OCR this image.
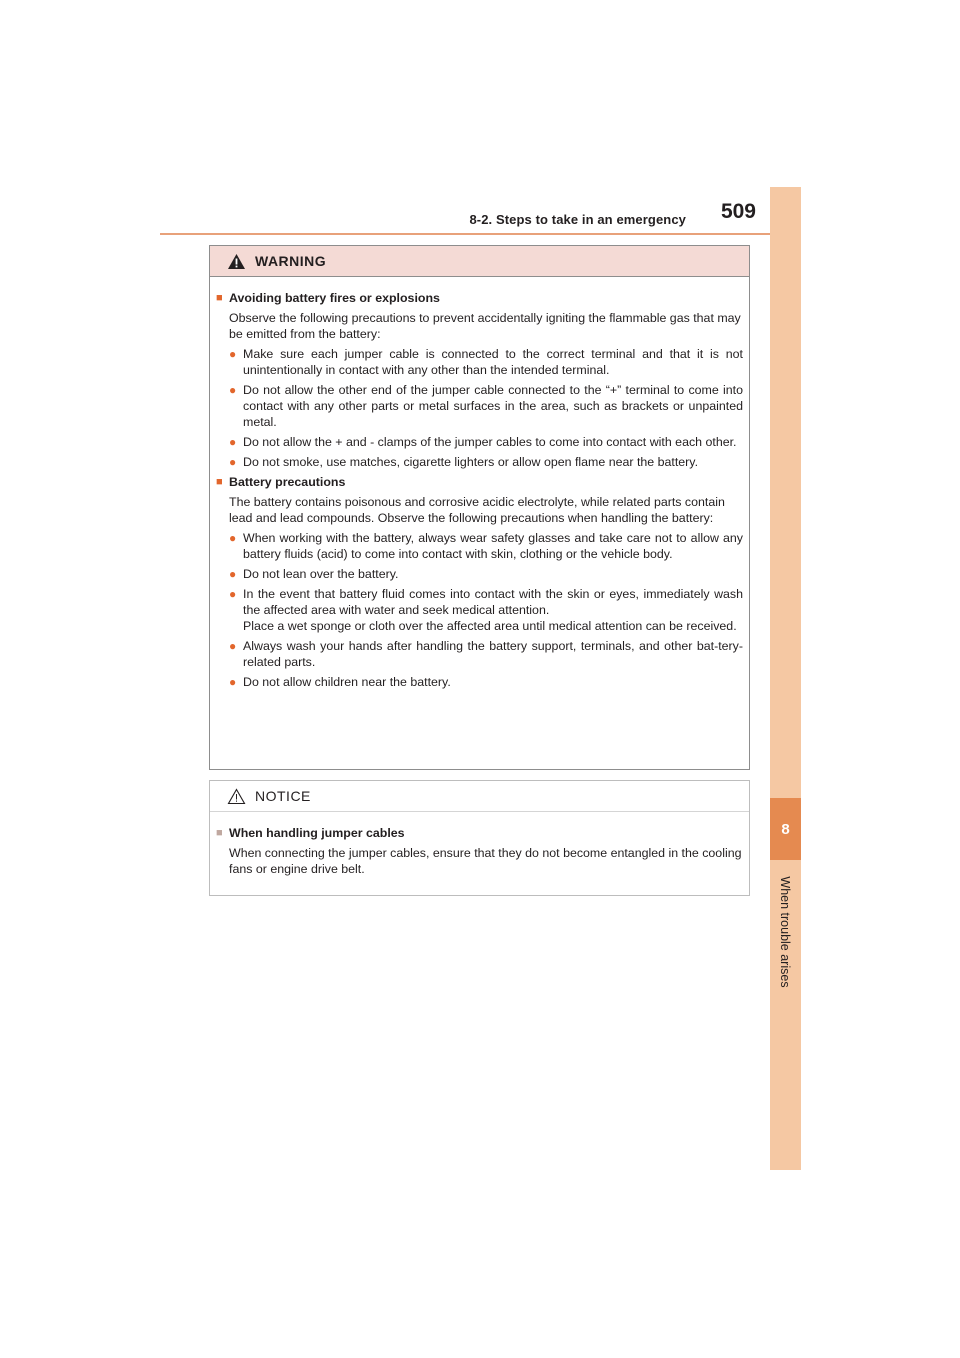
8-2. Steps to take in an emergency 509
8
When trouble arises
WARNING
■ Avoiding battery fires or explosions
Observe the following precautions to prevent accidentally igniting the flammable gas that may be emitted from the battery:
● Make sure each jumper cable is connected to the correct terminal and that it is not unintentionally in contact with any other than the intended terminal.
● Do not allow the other end of the jumper cable connected to the “+” terminal to come into contact with any other parts or metal surfaces in the area, such as brackets or unpainted metal.
● Do not allow the + and - clamps of the jumper cables to come into contact with each other.
● Do not smoke, use matches, cigarette lighters or allow open flame near the battery.
■ Battery precautions
The battery contains poisonous and corrosive acidic electrolyte, while related parts contain lead and lead compounds. Observe the following precautions when handling the battery:
● When working with the battery, always wear safety glasses and take care not to allow any battery fluids (acid) to come into contact with skin, clothing or the vehicle body.
● Do not lean over the battery.
● In the event that battery fluid comes into contact with the skin or eyes, immediately wash the affected area with water and seek medical attention.
Place a wet sponge or cloth over the affected area until medical attention can be received.
● Always wash your hands after handling the battery support, terminals, and other bat-tery-related parts.
● Do not allow children near the battery.
NOTICE
■ When handling jumper cables
When connecting the jumper cables, ensure that they do not become entangled in the cooling fans or engine drive belt.
